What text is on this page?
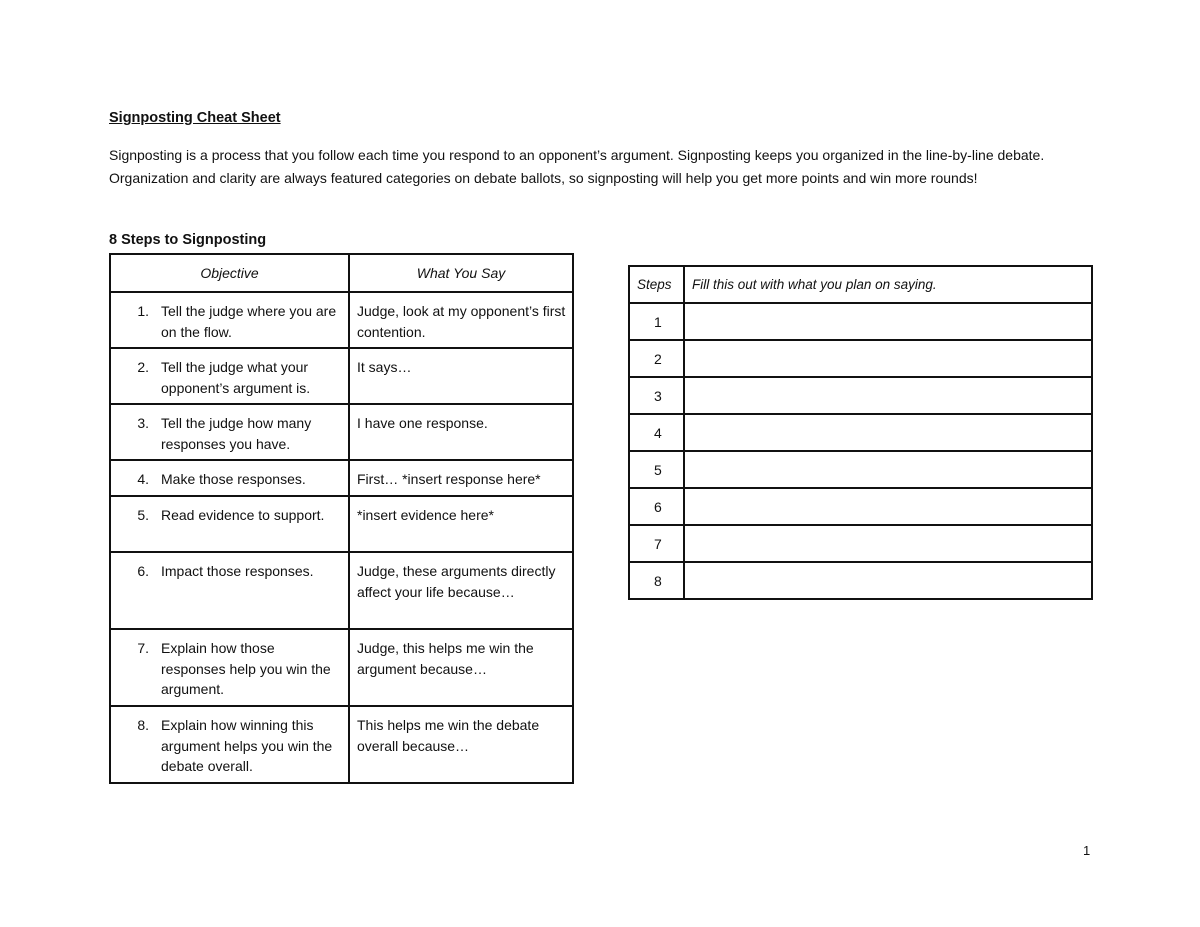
Signposting Cheat Sheet

Signposting is a process that you follow each time you respond to an opponent’s argument. Signposting keeps you organized in the line-by-line debate. Organization and clarity are always featured categories on debate ballots, so signposting will help you get more points and win more rounds!

8 Steps to Signposting
Objective	What You Say

1. Tell the judge where you are on the flow.	Judge, look at my opponent’s first contention.

2. Tell the judge what your opponent’s argument is.	It says…

3. Tell the judge how many responses you have.	I have one response.

4. Make those responses.	First… *insert response here*

5. Read evidence to support.	*insert evidence here*

6. Impact those responses.	Judge, these arguments directly affect your life because…

7. Explain how those responses help you win the argument.	Judge, this helps me win the argument because…

8. Explain how winning this argument helps you win the debate overall.	This helps me win the debate overall because…
Steps	Fill this out with what you plan on saying.
1	
2	
3	
4	
5	
6	
7	
8	
1
